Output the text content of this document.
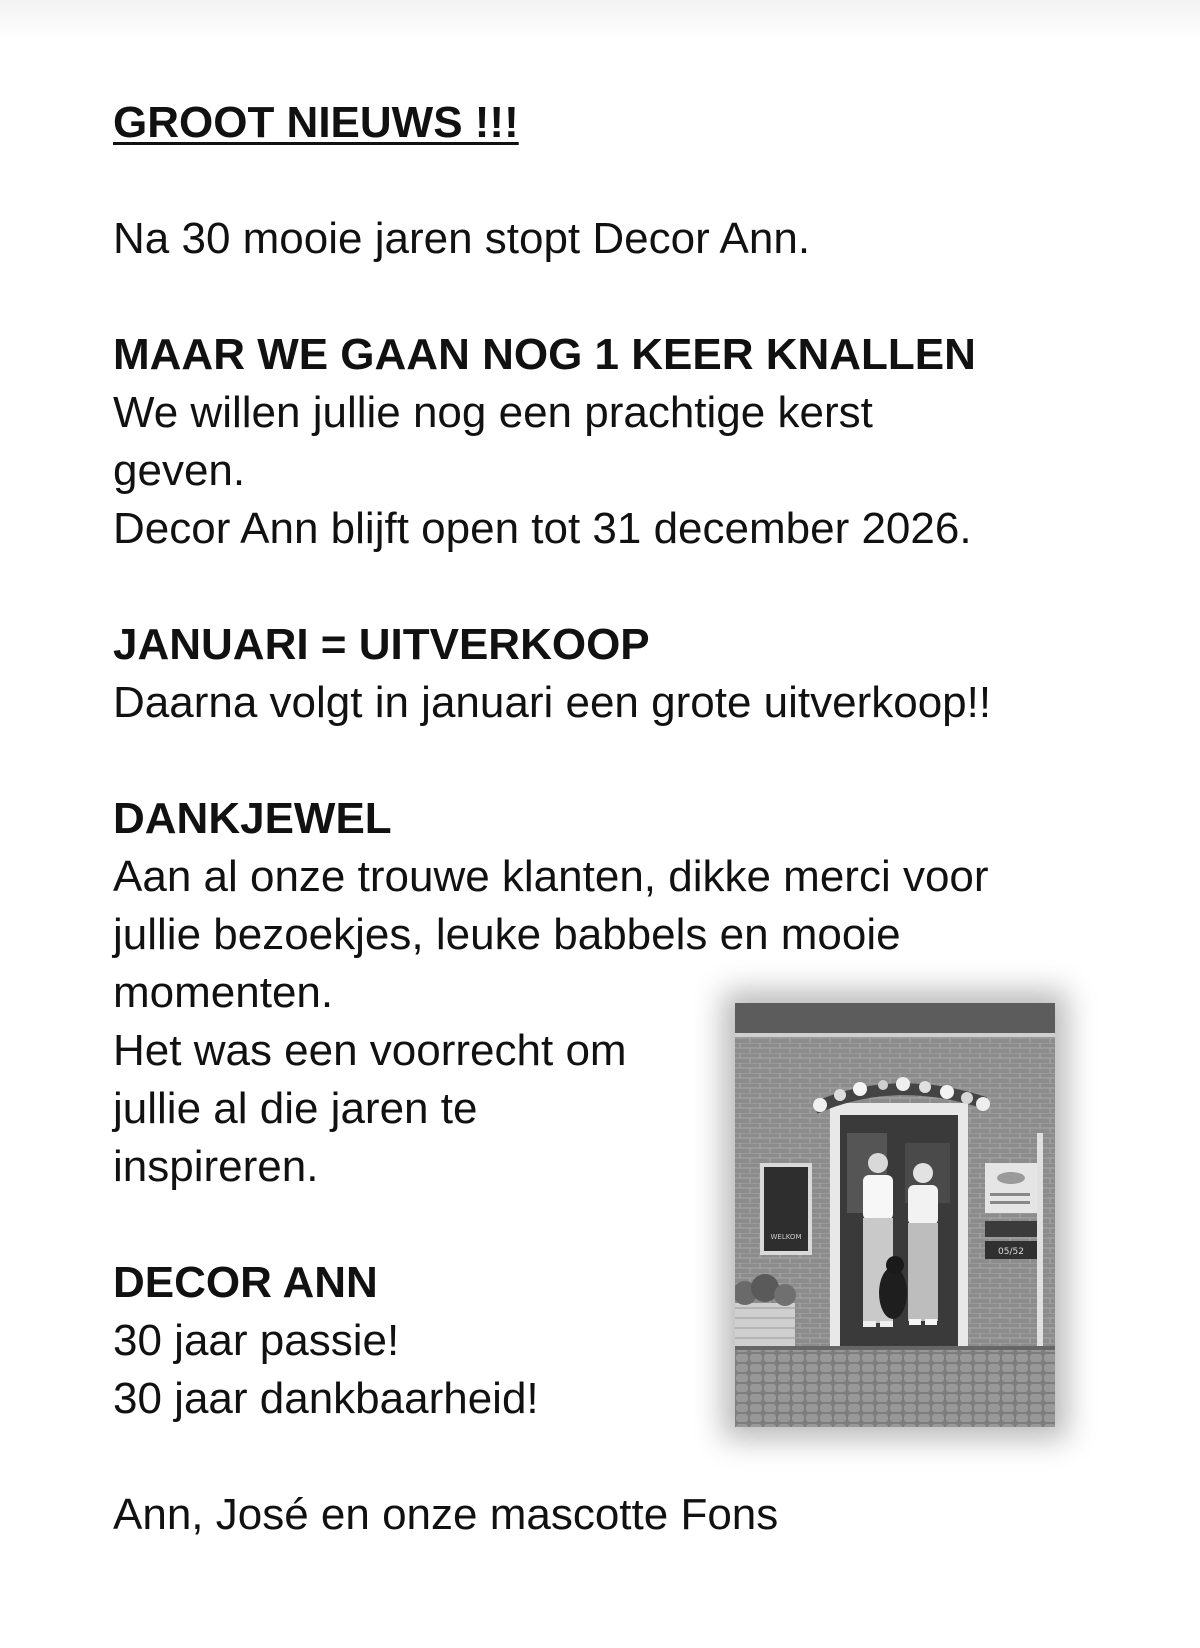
GROOT NIEUWS !!!

Na 30 mooie jaren stopt Decor Ann.

MAAR WE GAAN NOG 1 KEER KNALLEN

We willen jullie nog een prachtige kerst

geven.

Decor Ann blijft open tot 31 december 2026.

JANUARI = UITVERKOOP

Daarna volgt in januari een grote uitverkoop!!

DANKJEWEL

Aan al onze trouwe klanten, dikke merci voor

jullie bezoekjes, leuke babbels en mooie

momenten.

Het was een voorrecht om

jullie al die jaren te

inspireren.

DECOR ANN

30 jaar passie!

30 jaar dankbaarheid!

Ann, José en onze mascotte Fons

WELKOM
05/52
